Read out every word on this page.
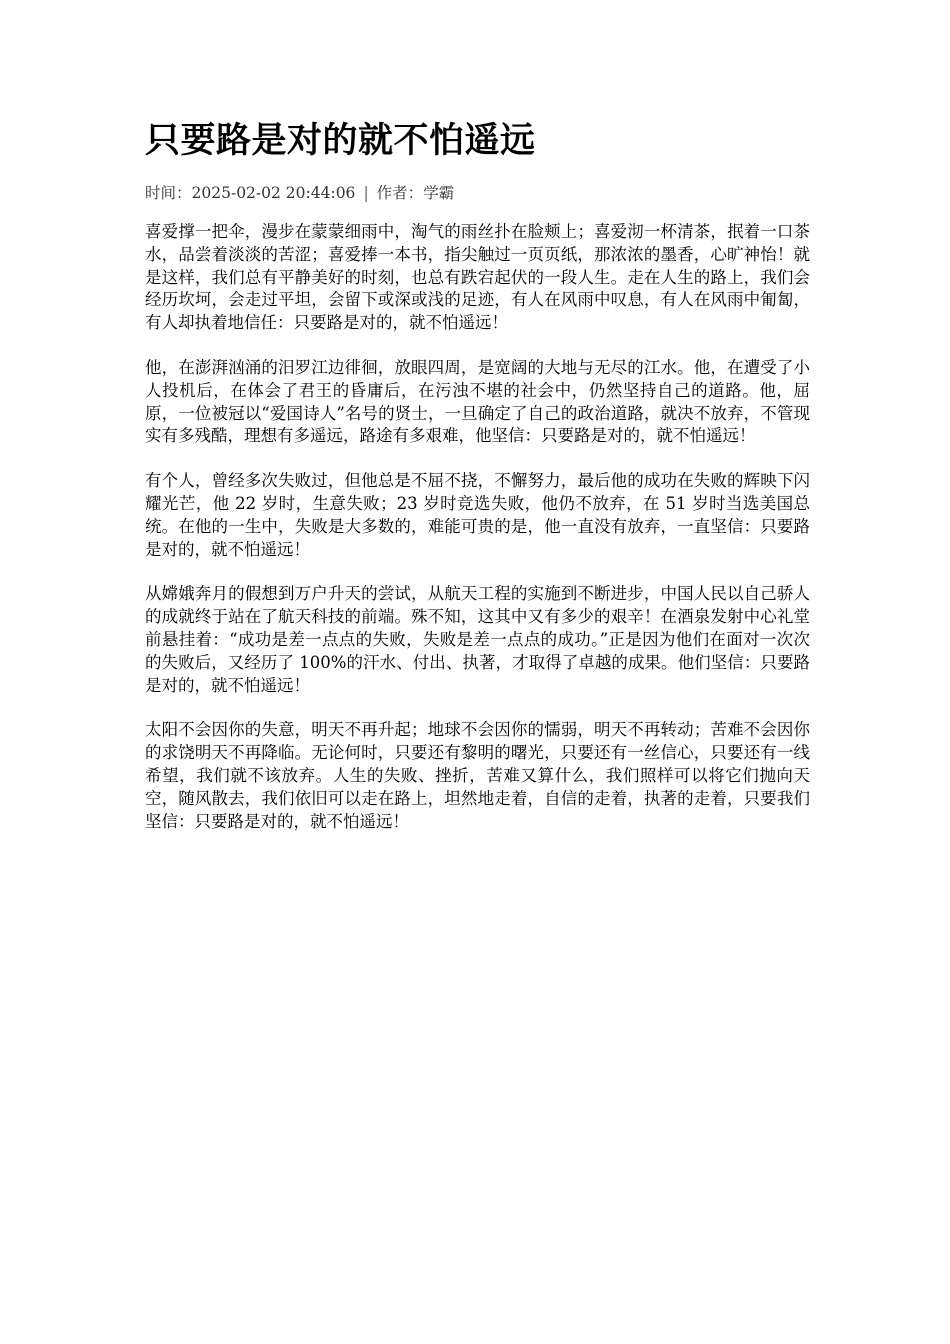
只要路是对的就不怕遥远
时间：2025-02-02 20:44:06 | 作者：学霸

喜爱撑一把伞，漫步在蒙蒙细雨中，淘气的雨丝扑在脸颊上；喜爱沏一杯清茶，抿着一口茶水，品尝着淡淡的苦涩；喜爱捧一本书，指尖触过一页页纸，那浓浓的墨香，心旷神怡！就是这样，我们总有平静美好的时刻，也总有跌宕起伏的一段人生。走在人生的路上，我们会经历坎坷，会走过平坦，会留下或深或浅的足迹，有人在风雨中叹息，有人在风雨中匍匐，有人却执着地信任：只要路是对的，就不怕遥远！

他，在澎湃汹涌的汨罗江边徘徊，放眼四周，是宽阔的大地与无尽的江水。他，在遭受了小人投机后，在体会了君王的昏庸后，在污浊不堪的社会中，仍然坚持自己的道路。他，屈原，一位被冠以“爱国诗人”名号的贤士，一旦确定了自己的政治道路，就决不放弃，不管现实有多残酷，理想有多遥远，路途有多艰难，他坚信：只要路是对的，就不怕遥远！

有个人，曾经多次失败过，但他总是不屈不挠，不懈努力，最后他的成功在失败的辉映下闪耀光芒，他 22 岁时，生意失败；23 岁时竞选失败，他仍不放弃，在 51 岁时当选美国总统。在他的一生中，失败是大多数的，难能可贵的是，他一直没有放弃，一直坚信：只要路是对的，就不怕遥远！

从嫦娥奔月的假想到万户升天的尝试，从航天工程的实施到不断进步，中国人民以自己骄人的成就终于站在了航天科技的前端。殊不知，这其中又有多少的艰辛！在酒泉发射中心礼堂前悬挂着：“成功是差一点点的失败，失败是差一点点的成功。”正是因为他们在面对一次次的失败后，又经历了 100%的汗水、付出、执著，才取得了卓越的成果。他们坚信：只要路是对的，就不怕遥远！

太阳不会因你的失意，明天不再升起；地球不会因你的懦弱，明天不再转动；苦难不会因你的求饶明天不再降临。无论何时，只要还有黎明的曙光，只要还有一丝信心，只要还有一线希望，我们就不该放弃。人生的失败、挫折，苦难又算什么，我们照样可以将它们抛向天空，随风散去，我们依旧可以走在路上，坦然地走着，自信的走着，执著的走着，只要我们坚信：只要路是对的，就不怕遥远！
